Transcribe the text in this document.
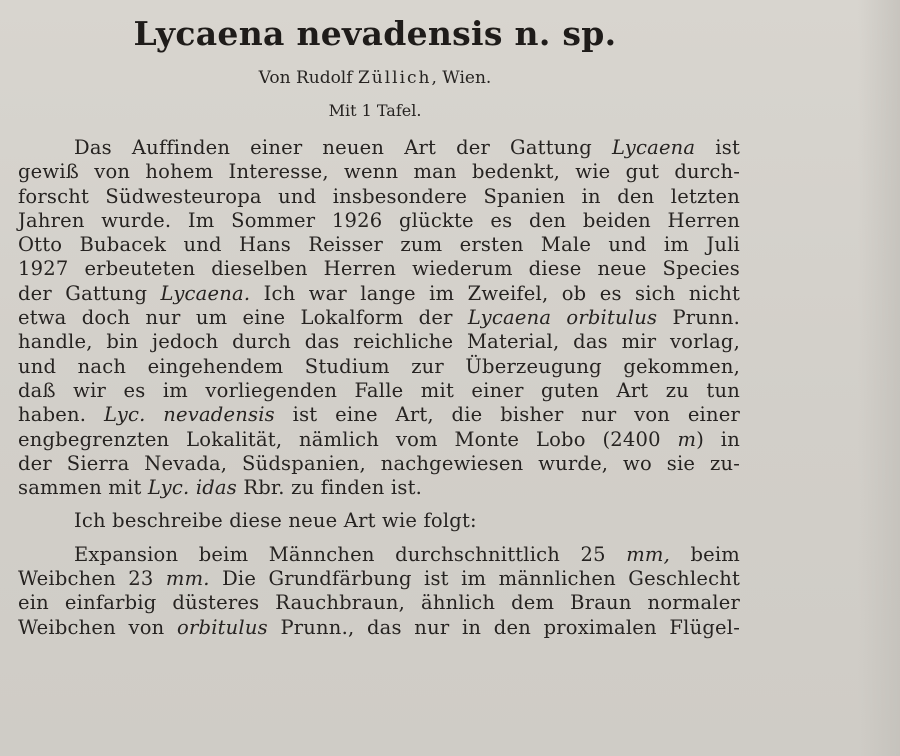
Lycaena nevadensis n. sp.
Von Rudolf Züllich, Wien.
Mit 1 Tafel.
Das Auffinden einer neuen Art der Gattung Lycaena ist
gewiß von hohem Interesse, wenn man bedenkt, wie gut durch-
forscht Südwesteuropa und insbesondere Spanien in den letzten
Jahren wurde. Im Sommer 1926 glückte es den beiden Herren
Otto Bubacek und Hans Reisser zum ersten Male und im Juli
1927 erbeuteten dieselben Herren wiederum diese neue Species
der Gattung Lycaena. Ich war lange im Zweifel, ob es sich nicht
etwa doch nur um eine Lokalform der Lycaena orbitulus Prunn.
handle, bin jedoch durch das reichliche Material, das mir vorlag,
und nach eingehendem Studium zur Überzeugung gekommen,
daß wir es im vorliegenden Falle mit einer guten Art zu tun
haben. Lyc. nevadensis ist eine Art, die bisher nur von einer
engbegrenzten Lokalität, nämlich vom Monte Lobo (2400 m) in
der Sierra Nevada, Südspanien, nachgewiesen wurde, wo sie zu-
sammen mit Lyc. idas Rbr. zu finden ist.
Ich beschreibe diese neue Art wie folgt:
Expansion beim Männchen durchschnittlich 25 mm, beim
Weibchen 23 mm. Die Grundfärbung ist im männlichen Geschlecht
ein einfarbig düsteres Rauchbraun, ähnlich dem Braun normaler
Weibchen von orbitulus Prunn., das nur in den proximalen Flügel-
